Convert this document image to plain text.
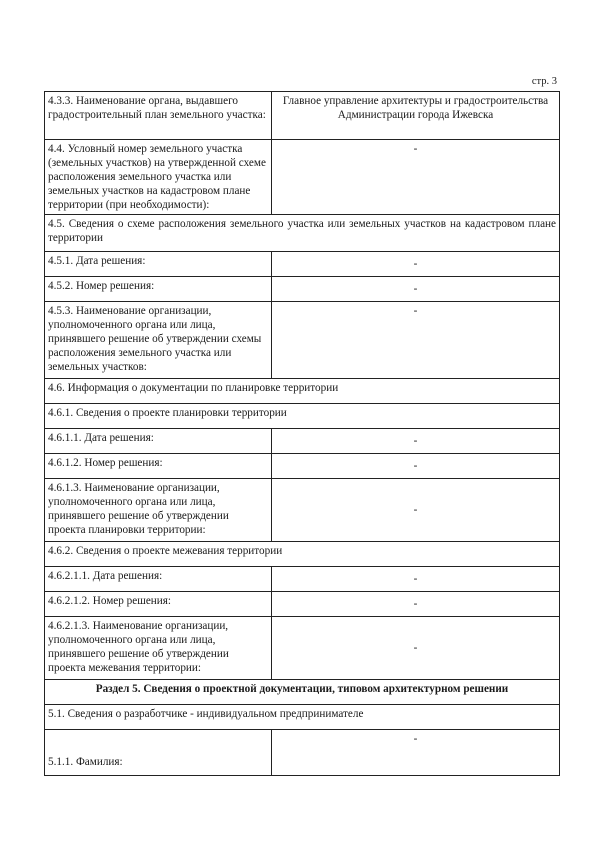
стр. 3
4.3.3. Наименование органа, выдавшего градостроительный план земельного участка:	Главное управление архитектуры и градостроительства Администрации города Ижевска
4.4. Условный номер земельного участка (земельных участков) на утвержденной схеме расположения земельного участка или земельных участков на кадастровом плане территории (при необходимости):	-
4.5. Сведения о схеме расположения земельного участка или земельных участков на кадастровом плане территории	
4.5.1. Дата решения:	-
4.5.2. Номер решения:	-
4.5.3. Наименование организации, уполномоченного органа или лица, принявшего решение об утверждении схемы расположения земельного участка или земельных участков:	-
4.6. Информация о документации по планировке территории	
4.6.1. Сведения о проекте планировки территории	
4.6.1.1. Дата решения:	-
4.6.1.2. Номер решения:	-
4.6.1.3. Наименование организации, уполномоченного органа или лица, принявшего решение об утверждении проекта планировки территории:	-
4.6.2. Сведения о проекте межевания территории	
4.6.2.1.1. Дата решения:	-
4.6.2.1.2. Номер решения:	-
4.6.2.1.3. Наименование организации, уполномоченного органа или лица, принявшего решение об утверждении проекта межевания территории:	-
Раздел 5. Сведения о проектной документации, типовом архитектурном решении	
5.1. Сведения о разработчике - индивидуальном предпринимателе	
5.1.1. Фамилия:	-
